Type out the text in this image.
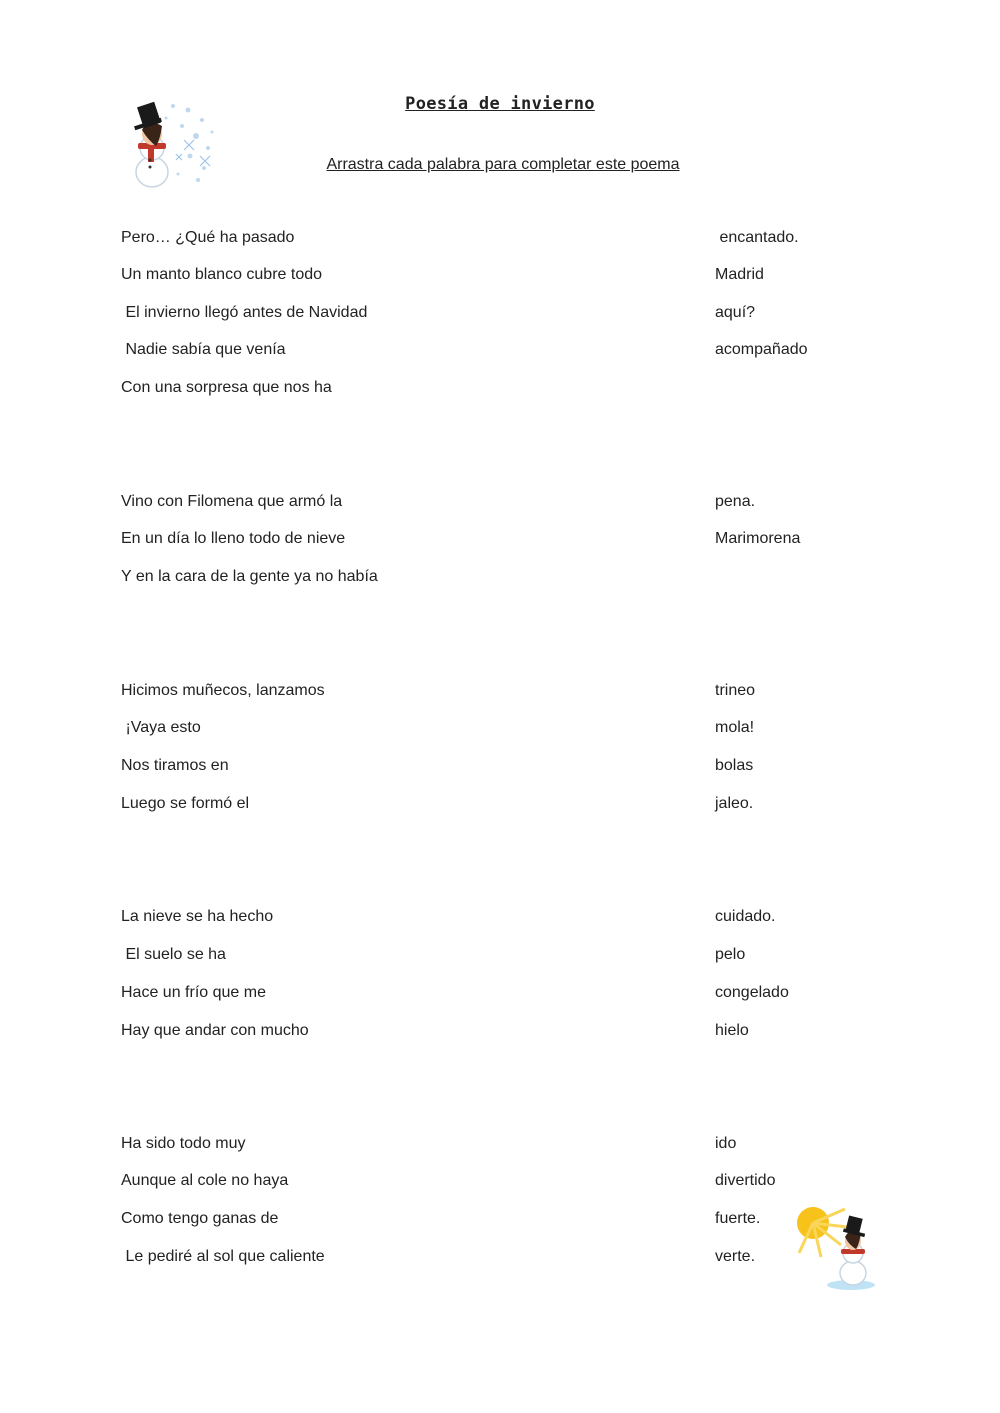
Poesía de invierno
Arrastra cada palabra para completar este poema
Pero… ¿Qué ha pasado
Un manto blanco cubre todo
El invierno llegó antes de Navidad
Nadie sabía que venía
Con una sorpresa que nos ha
Vino con Filomena que armó la
En un día lo lleno todo de nieve
Y en la cara de la gente ya no había
Hicimos muñecos, lanzamos
¡Vaya esto
Nos tiramos en
Luego se formó el
La nieve se ha hecho
El suelo se ha
Hace un frío que me
Hay que andar con mucho
Ha sido todo muy
Aunque al cole no haya
Como tengo ganas de
Le pediré al sol que caliente
encantado.
Madrid
aquí?
acompañado
pena.
Marimorena
trineo
mola!
bolas
jaleo.
cuidado.
pelo
congelado
hielo
ido
divertido
fuerte.
verte.
